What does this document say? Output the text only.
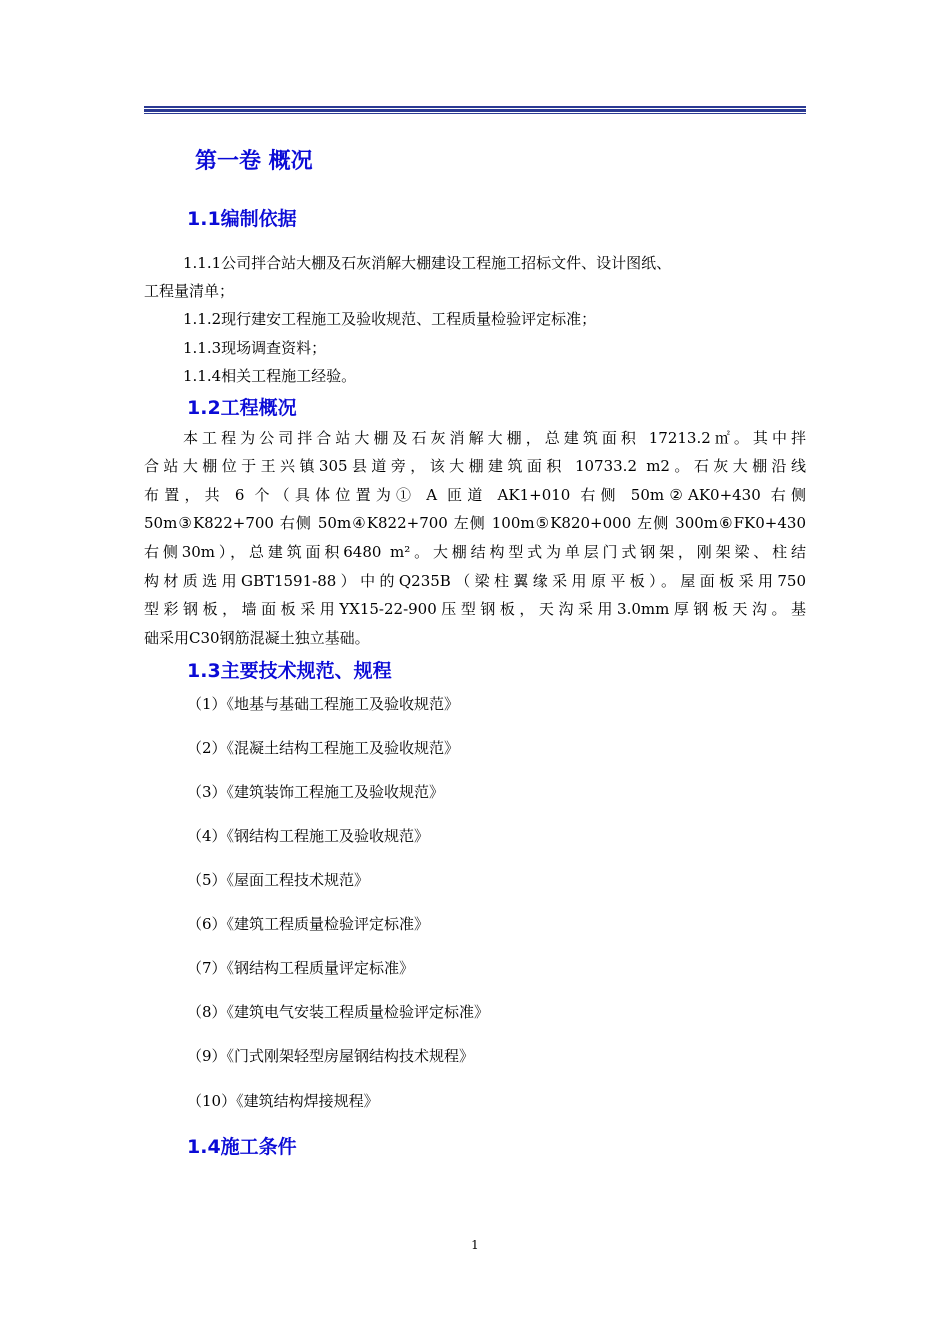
第一卷 概况
1.1编制依据

1.1.1公司拌合站大棚及石灰消解大棚建设工程施工招标文件、设计图纸、

工程量清单；

1.1.2现行建安工程施工及验收规范、工程质量检验评定标准；

1.1.3现场调查资料；

1.1.4相关工程施工经验。

1.2工程概况

本工程为公司拌合站大棚及石灰消解大棚，总建筑面积 17213.2㎡。其中拌

合站大棚位于王兴镇305县道旁，该大棚建筑面积 10733.2 m2。石灰大棚沿线

布置，共 6 个（具体位置为① A 匝道 AK1+010 右侧 50m②AK0+430 右侧

50m③K822+700 右侧 50m④K822+700 左侧 100m⑤K820+000 左侧 300m⑥FK0+430

右侧30m），总建筑面积6480 m²。大棚结构型式为单层门式钢架，刚架梁、柱结

构材质选用GBT1591-88）中的Q235B（梁柱翼缘采用原平板）。屋面板采用750

型彩钢板，墙面板采用YX15-22-900压型钢板，天沟采用3.0mm厚钢板天沟。基

础采用C30钢筋混凝土独立基础。

1.3主要技术规范、规程

（1）《地基与基础工程施工及验收规范》

（2）《混凝土结构工程施工及验收规范》

（3）《建筑装饰工程施工及验收规范》

（4）《钢结构工程施工及验收规范》

（5）《屋面工程技术规范》

（6）《建筑工程质量检验评定标准》

（7）《钢结构工程质量评定标准》

（8）《建筑电气安装工程质量检验评定标准》

（9）《门式刚架轻型房屋钢结构技术规程》

（10）《建筑结构焊接规程》

1.4施工条件

1
